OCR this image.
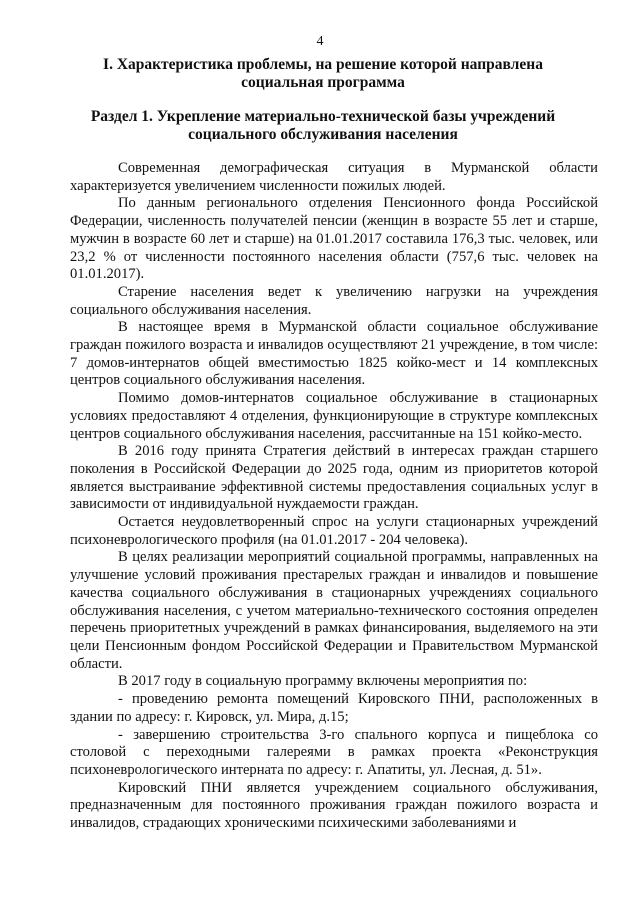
4
I. Характеристика проблемы, на решение которой направлена социальная программа
Раздел 1. Укрепление материально-технической базы учреждений социального обслуживания населения

Современная демографическая ситуация в Мурманской области характеризуется увеличением численности пожилых людей.

По данным регионального отделения Пенсионного фонда Российской Федерации, численность получателей пенсии (женщин в возрасте 55 лет и старше, мужчин в возрасте 60 лет и старше) на 01.01.2017 составила 176,3 тыс. человек, или 23,2 % от численности постоянного населения области (757,6 тыс. человек на 01.01.2017).

Старение населения ведет к увеличению нагрузки на учреждения социального обслуживания населения.

В настоящее время в Мурманской области социальное обслуживание граждан пожилого возраста и инвалидов осуществляют 21 учреждение, в том числе: 7 домов-интернатов общей вместимостью 1825 койко-мест и 14 комплексных центров социального обслуживания населения.

Помимо домов-интернатов социальное обслуживание в стационарных условиях предоставляют 4 отделения, функционирующие в структуре комплексных центров социального обслуживания населения, рассчитанные на 151 койко-место.

В 2016 году принята Стратегия действий в интересах граждан старшего поколения в Российской Федерации до 2025 года, одним из приоритетов которой является выстраивание эффективной системы предоставления социальных услуг в зависимости от индивидуальной нуждаемости граждан.

Остается неудовлетворенный спрос на услуги стационарных учреждений психоневрологического профиля (на 01.01.2017 - 204 человека).

В целях реализации мероприятий социальной программы, направленных на улучшение условий проживания престарелых граждан и инвалидов и повышение качества социального обслуживания в стационарных учреждениях социального обслуживания населения, с учетом материально-технического состояния определен перечень приоритетных учреждений в рамках финансирования, выделяемого на эти цели Пенсионным фондом Российской Федерации и Правительством Мурманской области.

В 2017 году в социальную программу включены мероприятия по:

- проведению ремонта помещений Кировского ПНИ, расположенных в здании по адресу: г. Кировск, ул. Мира, д.15;

- завершению строительства 3-го спального корпуса и пищеблока со столовой с переходными галереями в рамках проекта «Реконструкция психоневрологического интерната по адресу: г. Апатиты, ул. Лесная, д. 51».

Кировский ПНИ является учреждением социального обслуживания, предназначенным для постоянного проживания граждан пожилого возраста и инвалидов, страдающих хроническими психическими заболеваниями и
